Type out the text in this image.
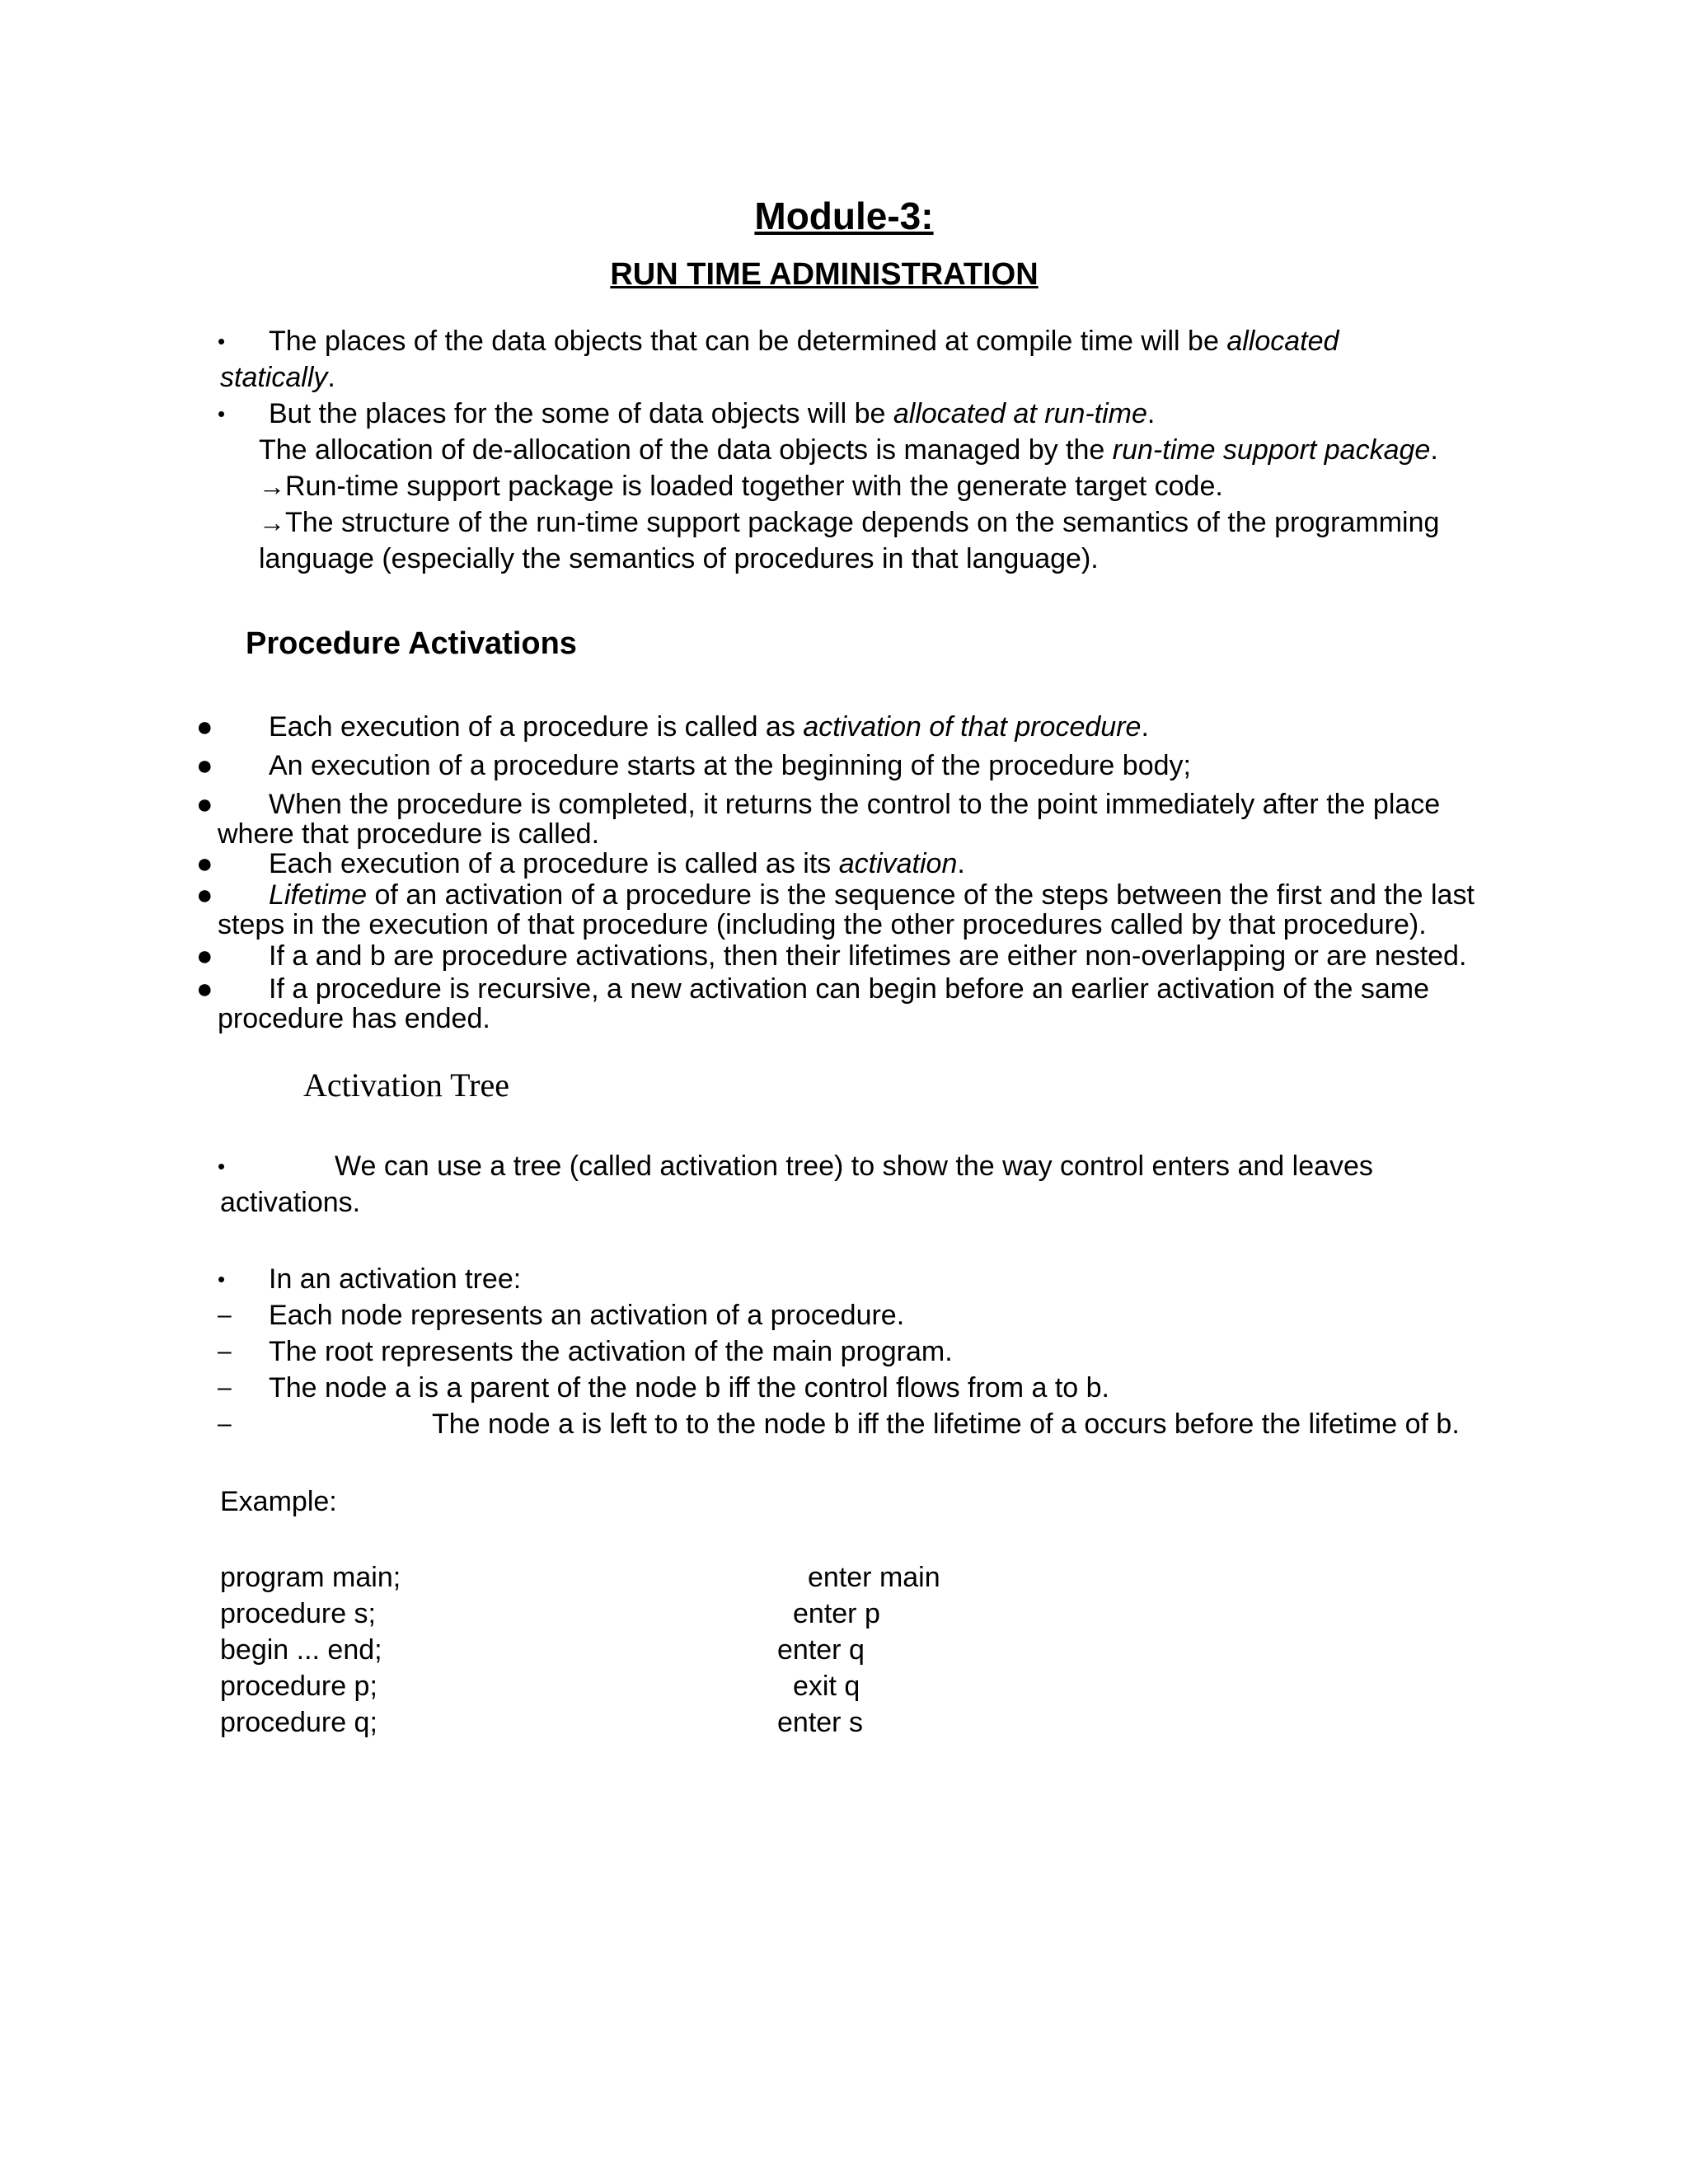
Module-3:
RUN TIME ADMINISTRATION
• The places of the data objects that can be determined at compile time will be allocated
statically.
• But the places for the some of data objects will be allocated at run-time.
The allocation of de-allocation of the data objects is managed by the run-time support package.
→Run-time support package is loaded together with the generate target code.
→The structure of the run-time support package depends on the semantics of the programming
language (especially the semantics of procedures in that language).
Procedure Activations
● Each execution of a procedure is called as activation of that procedure.
● An execution of a procedure starts at the beginning of the procedure body;
● When the procedure is completed, it returns the control to the point immediately after the place
where that procedure is called.
● Each execution of a procedure is called as its activation.
● Lifetime of an activation of a procedure is the sequence of the steps between the first and the last
steps in the execution of that procedure (including the other procedures called by that procedure).
● If a and b are procedure activations, then their lifetimes are either non-overlapping or are nested.
● If a procedure is recursive, a new activation can begin before an earlier activation of the same
procedure has ended.
Activation Tree
•	We can use a tree (called activation tree) to show the way control enters and leaves
activations.
• In an activation tree:
– Each node represents an activation of a procedure.
– The root represents the activation of the main program.
– The node a is a parent of the node b iff the control flows from a to b.
–	The node a is left to to the node b iff the lifetime of a occurs before the lifetime of b.
Example:
program main;
procedure s;
begin ... end;
procedure p;
procedure q;
enter main
enter p
enter q
exit q
enter s
